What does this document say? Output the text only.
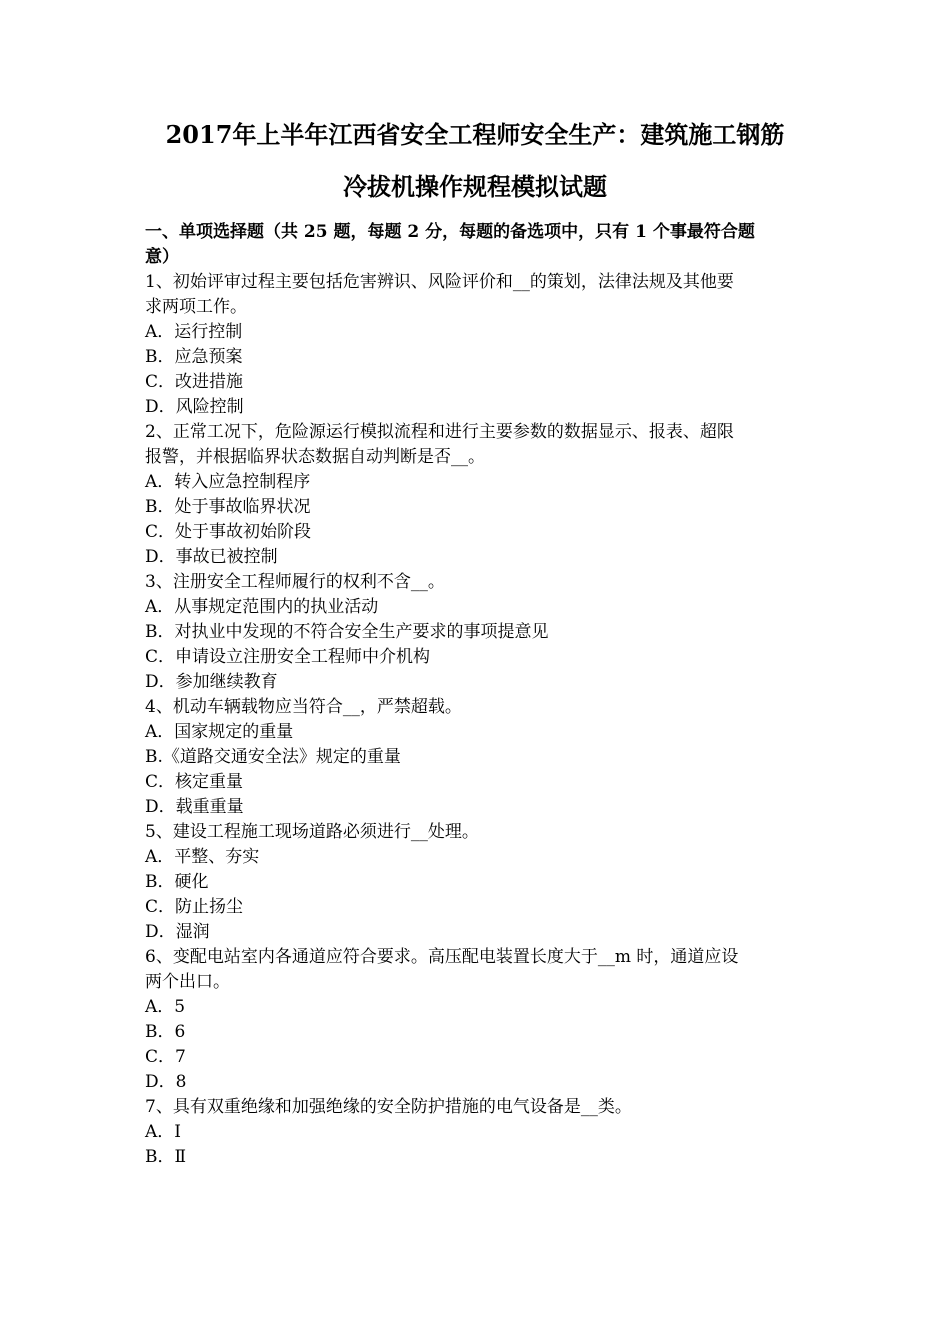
2017年上半年江西省安全工程师安全生产：建筑施工钢筋
冷拔机操作规程模拟试题
一、单项选择题（共 25 题，每题 2 分，每题的备选项中，只有 1 个事最符合题
意）
1、初始评审过程主要包括危害辨识、风险评价和__的策划，法律法规及其他要
求两项工作。
A．运行控制
B．应急预案
C．改进措施
D．风险控制
2、正常工况下，危险源运行模拟流程和进行主要参数的数据显示、报表、超限
报警，并根据临界状态数据自动判断是否__。
A．转入应急控制程序
B．处于事故临界状况
C．处于事故初始阶段
D．事故已被控制
3、注册安全工程师履行的权利不含__。
A．从事规定范围内的执业活动
B．对执业中发现的不符合安全生产要求的事项提意见
C．申请设立注册安全工程师中介机构
D．参加继续教育
4、机动车辆载物应当符合__，严禁超载。
A．国家规定的重量
B.《道路交通安全法》规定的重量
C．核定重量
D．载重重量
5、建设工程施工现场道路必须进行__处理。
A．平整、夯实
B．硬化
C．防止扬尘
D．湿润
6、变配电站室内各通道应符合要求。高压配电装置长度大于__m 时，通道应设
两个出口。
A．5
B．6
C．7
D．8
7、具有双重绝缘和加强绝缘的安全防护措施的电气设备是__类。
A．Ⅰ
B．Ⅱ
